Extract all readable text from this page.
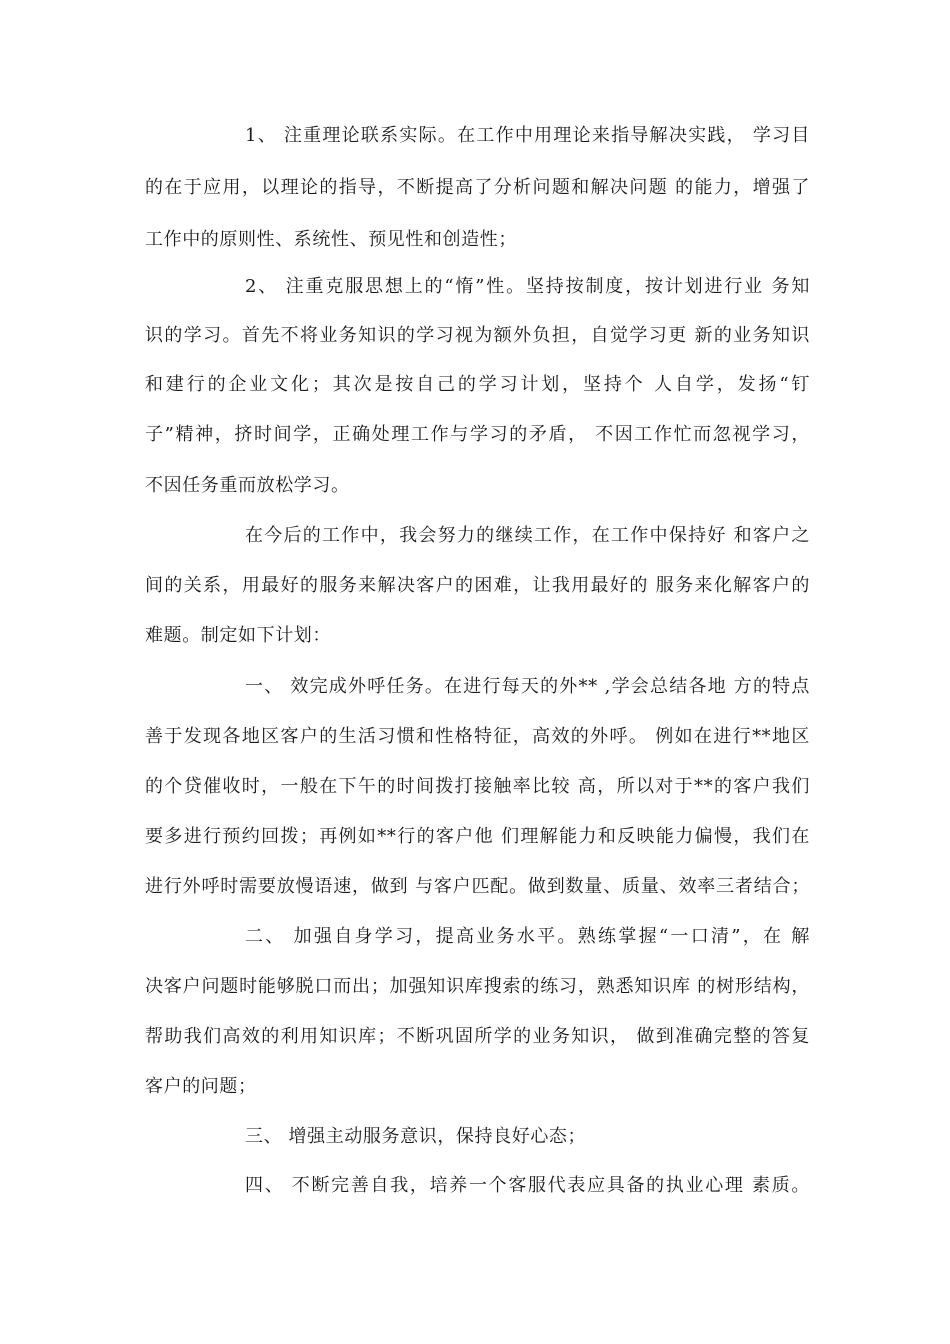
1、 注重理论联系实际。在工作中用理论来指导解决实践， 学习目
的在于应用，以理论的指导，不断提高了分析问题和解决问题 的能力，增强了
工作中的原则性、系统性、预见性和创造性；
2、 注重克服思想上的“惰”性。坚持按制度，按计划进行业 务知
识的学习。首先不将业务知识的学习视为额外负担，自觉学习更 新的业务知识
和建行的企业文化；其次是按自己的学习计划，坚持个 人自学，发扬“钉
子”精神，挤时间学，正确处理工作与学习的矛盾， 不因工作忙而忽视学习，
不因任务重而放松学习。
在今后的工作中，我会努力的继续工作，在工作中保持好 和客户之
间的关系，用最好的服务来解决客户的困难，让我用最好的 服务来化解客户的
难题。制定如下计划：
一、 效完成外呼任务。在进行每天的外** ,学会总结各地 方的特点
善于发现各地区客户的生活习惯和性格特征，高效的外呼。 例如在进行**地区
的个贷催收时，一般在下午的时间拨打接触率比较 高，所以对于**的客户我们
要多进行预约回拨；再例如**行的客户他 们理解能力和反映能力偏慢，我们在
进行外呼时需要放慢语速，做到 与客户匹配。做到数量、质量、效率三者结合；
二、 加强自身学习，提高业务水平。熟练掌握“一口清”，在 解
决客户问题时能够脱口而出；加强知识库搜索的练习，熟悉知识库 的树形结构，
帮助我们高效的利用知识库；不断巩固所学的业务知识， 做到准确完整的答复
客户的问题；
三、 增强主动服务意识，保持良好心态；
四、 不断完善自我，培养一个客服代表应具备的执业心理 素质。
